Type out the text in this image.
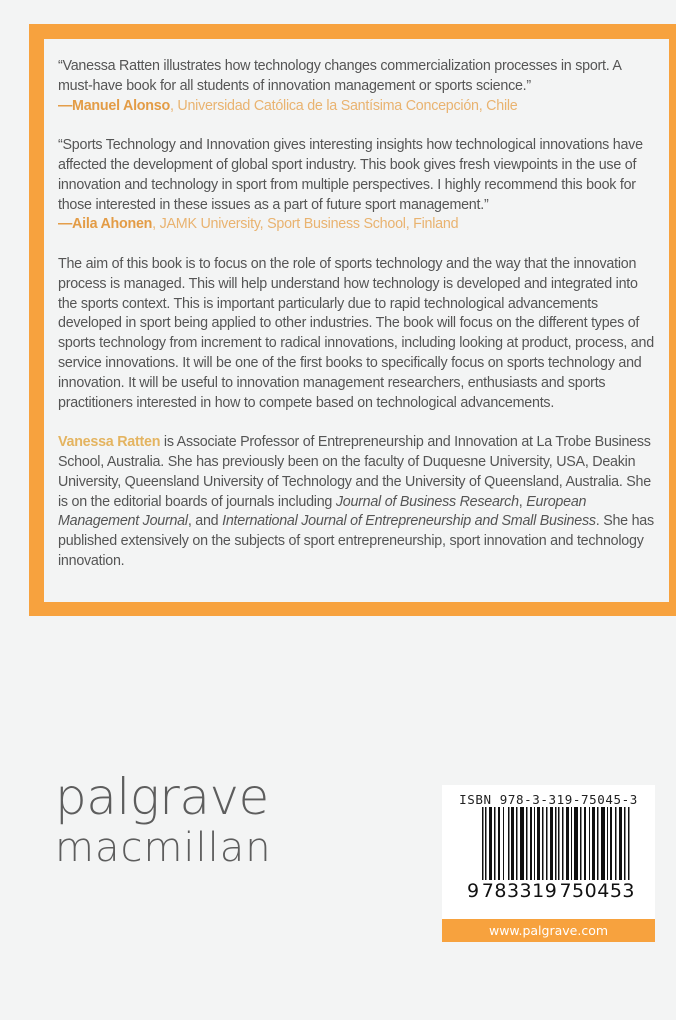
“Vanessa Ratten illustrates how technology changes commercialization processes in sport. A must-have book for all students of innovation management or sports science.”
—Manuel Alonso, Universidad Católica de la Santísima Concepción, Chile

“Sports Technology and Innovation gives interesting insights how technological innovations have affected the development of global sport industry. This book gives fresh viewpoints in the use of innovation and technology in sport from multiple perspectives. I highly recommend this book for those interested in these issues as a part of future sport management.”
—Aila Ahonen, JAMK University, Sport Business School, Finland

The aim of this book is to focus on the role of sports technology and the way that the innovation process is managed. This will help understand how technology is developed and integrated into the sports context. This is important particularly due to rapid technological advancements developed in sport being applied to other industries. The book will focus on the different types of sports technology from increment to radical innovations, including looking at product, process, and service innovations. It will be one of the first books to specifically focus on sports technology and innovation. It will be useful to innovation management researchers, enthusiasts and sports practitioners interested in how to compete based on technological advancements.

Vanessa Ratten is Associate Professor of Entrepreneurship and Innovation at La Trobe Business School, Australia. She has previously been on the faculty of Duquesne University, USA, Deakin University, Queensland University of Technology and the University of Queensland, Australia. She is on the editorial boards of journals including Journal of Business Research, European Management Journal, and International Journal of Entrepreneurship and Small Business. She has published extensively on the subjects of sport entrepreneurship, sport innovation and technology innovation.

palgrave
macmillan
ISBN 978-3-319-75045-3
9 783319 750453
www.palgrave.com
